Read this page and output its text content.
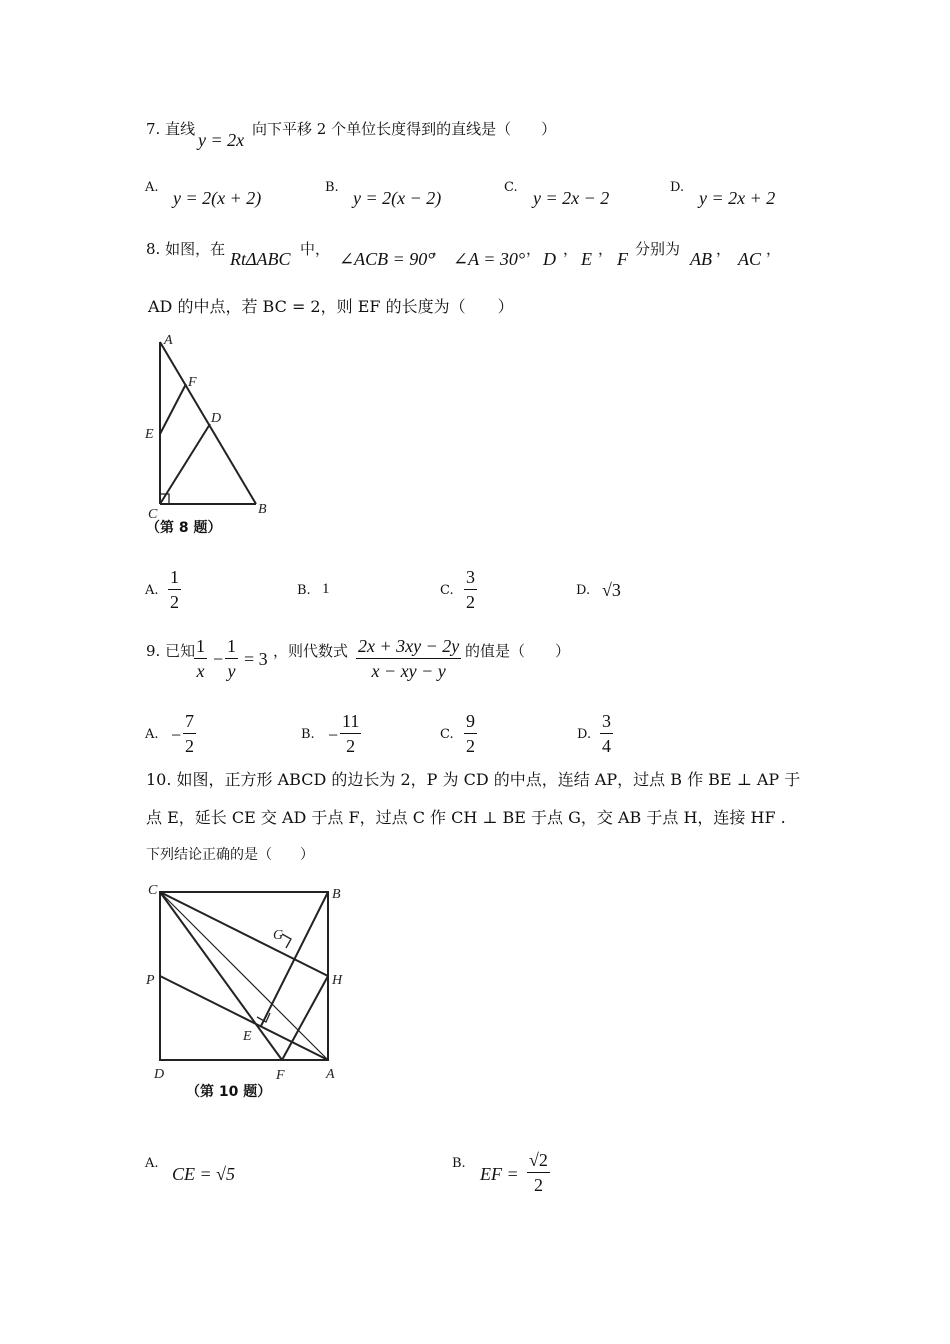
7. 直线
y = 2x
向下平移 2 个单位长度得到的直线是（　　）
A.
y = 2(x + 2)
B.
y = 2(x − 2)
C.
y = 2x − 2
D.
y = 2x + 2
8. 如图，在 RtΔABC 中， ∠ACB = 90°
， ∠A = 30° ， D ， E ， F 分别为 AB ， AC ，
AD 的中点，若 BC = 2，则 EF 的长度为（　　）
A
F
D
E
C	B
（第 8 题）
A. $\frac{1}{2}$	B. 1	C. $\frac{3}{2}$	D. √3
9. 已知
$\frac{1}{x} - \frac{1}{y} = 3$ ，则代数式 $\frac{2x + 3xy - 2y}{x - xy - y}$ 的值是（　　）
A. − $\frac{7}{2}$	B. − $\frac{11}{2}$	C. $\frac{9}{2}$	D. $\frac{3}{4}$
10. 如图，正方形 ABCD 的边长为 2，P 为 CD 的中点，连结 AP，过点 B 作 BE ⊥ AP 于
点 E，延长 CE 交 AD 于点 F，过点 C 作 CH ⊥ BE 于点 G，交 AB 于点 H，连接 HF .
下列结论正确的是（　　）
C	B
G
P	H
E
D	F	A
（第 10 题）
A.
CE = √5
B.
EF = $\frac{√2}{2}$
